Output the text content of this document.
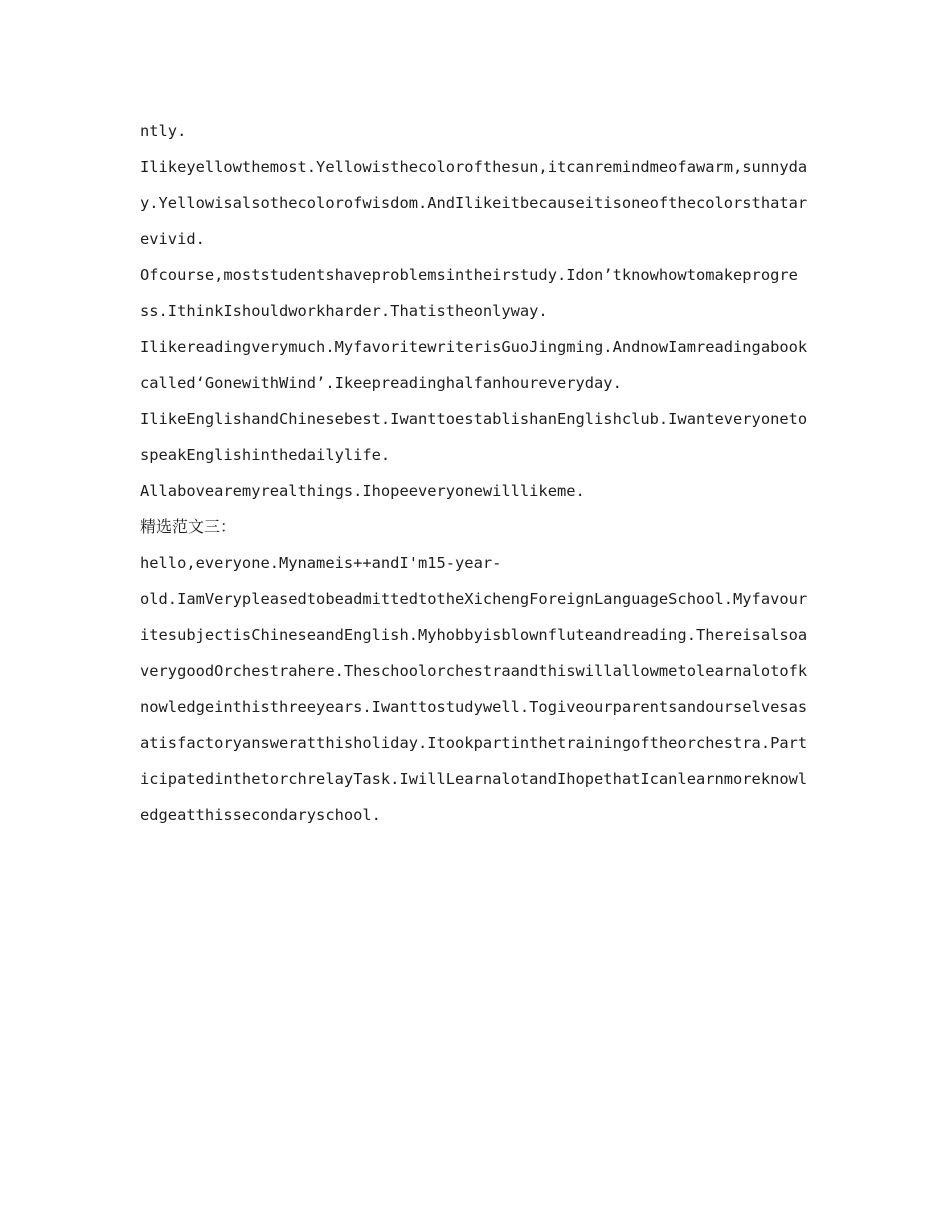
ntly.
Ilikeyellowthemost.Yellowisthecolorofthesun,itcanremindmeofawarm,sunnyda
y.Yellowisalsothecolorofwisdom.AndIlikeitbecauseitisoneofthecolorsthatar
evivid.
Ofcourse,moststudentshaveproblemsintheirstudy.Idon’tknowhowtomakeprogre
ss.IthinkIshouldworkharder.Thatistheonlyway.
Ilikereadingverymuch.MyfavoritewriterisGuoJingming.AndnowIamreadingabook
called‘GonewithWind’.Ikeepreadinghalfanhoureveryday.
IlikeEnglishandChinesebest.IwanttoestablishanEnglishclub.Iwanteveryoneto
speakEnglishinthedailylife.
Allabovearemyrealthings.Ihopeeveryonewilllikeme.
精选范文三：
hello,everyone.Mynameis++andI'm15-year-
old.IamVerypleasedtobeadmittedtotheXichengForeignLanguageSchool.Myfavour
itesubjectisChineseandEnglish.Myhobbyisblownfluteandreading.Thereisalsoa
verygoodOrchestrahere.Theschoolorchestraandthiswillallowmetolearnalotofk
nowledgeinthisthreeyears.Iwanttostudywell.Togiveourparentsandourselvesas
atisfactoryansweratthisholiday.Itookpartinthetrainingoftheorchestra.Part
icipatedinthetorchrelayTask.IwillLearnalotandIhopethatIcanlearnmoreknowl
edgeatthissecondaryschool.
